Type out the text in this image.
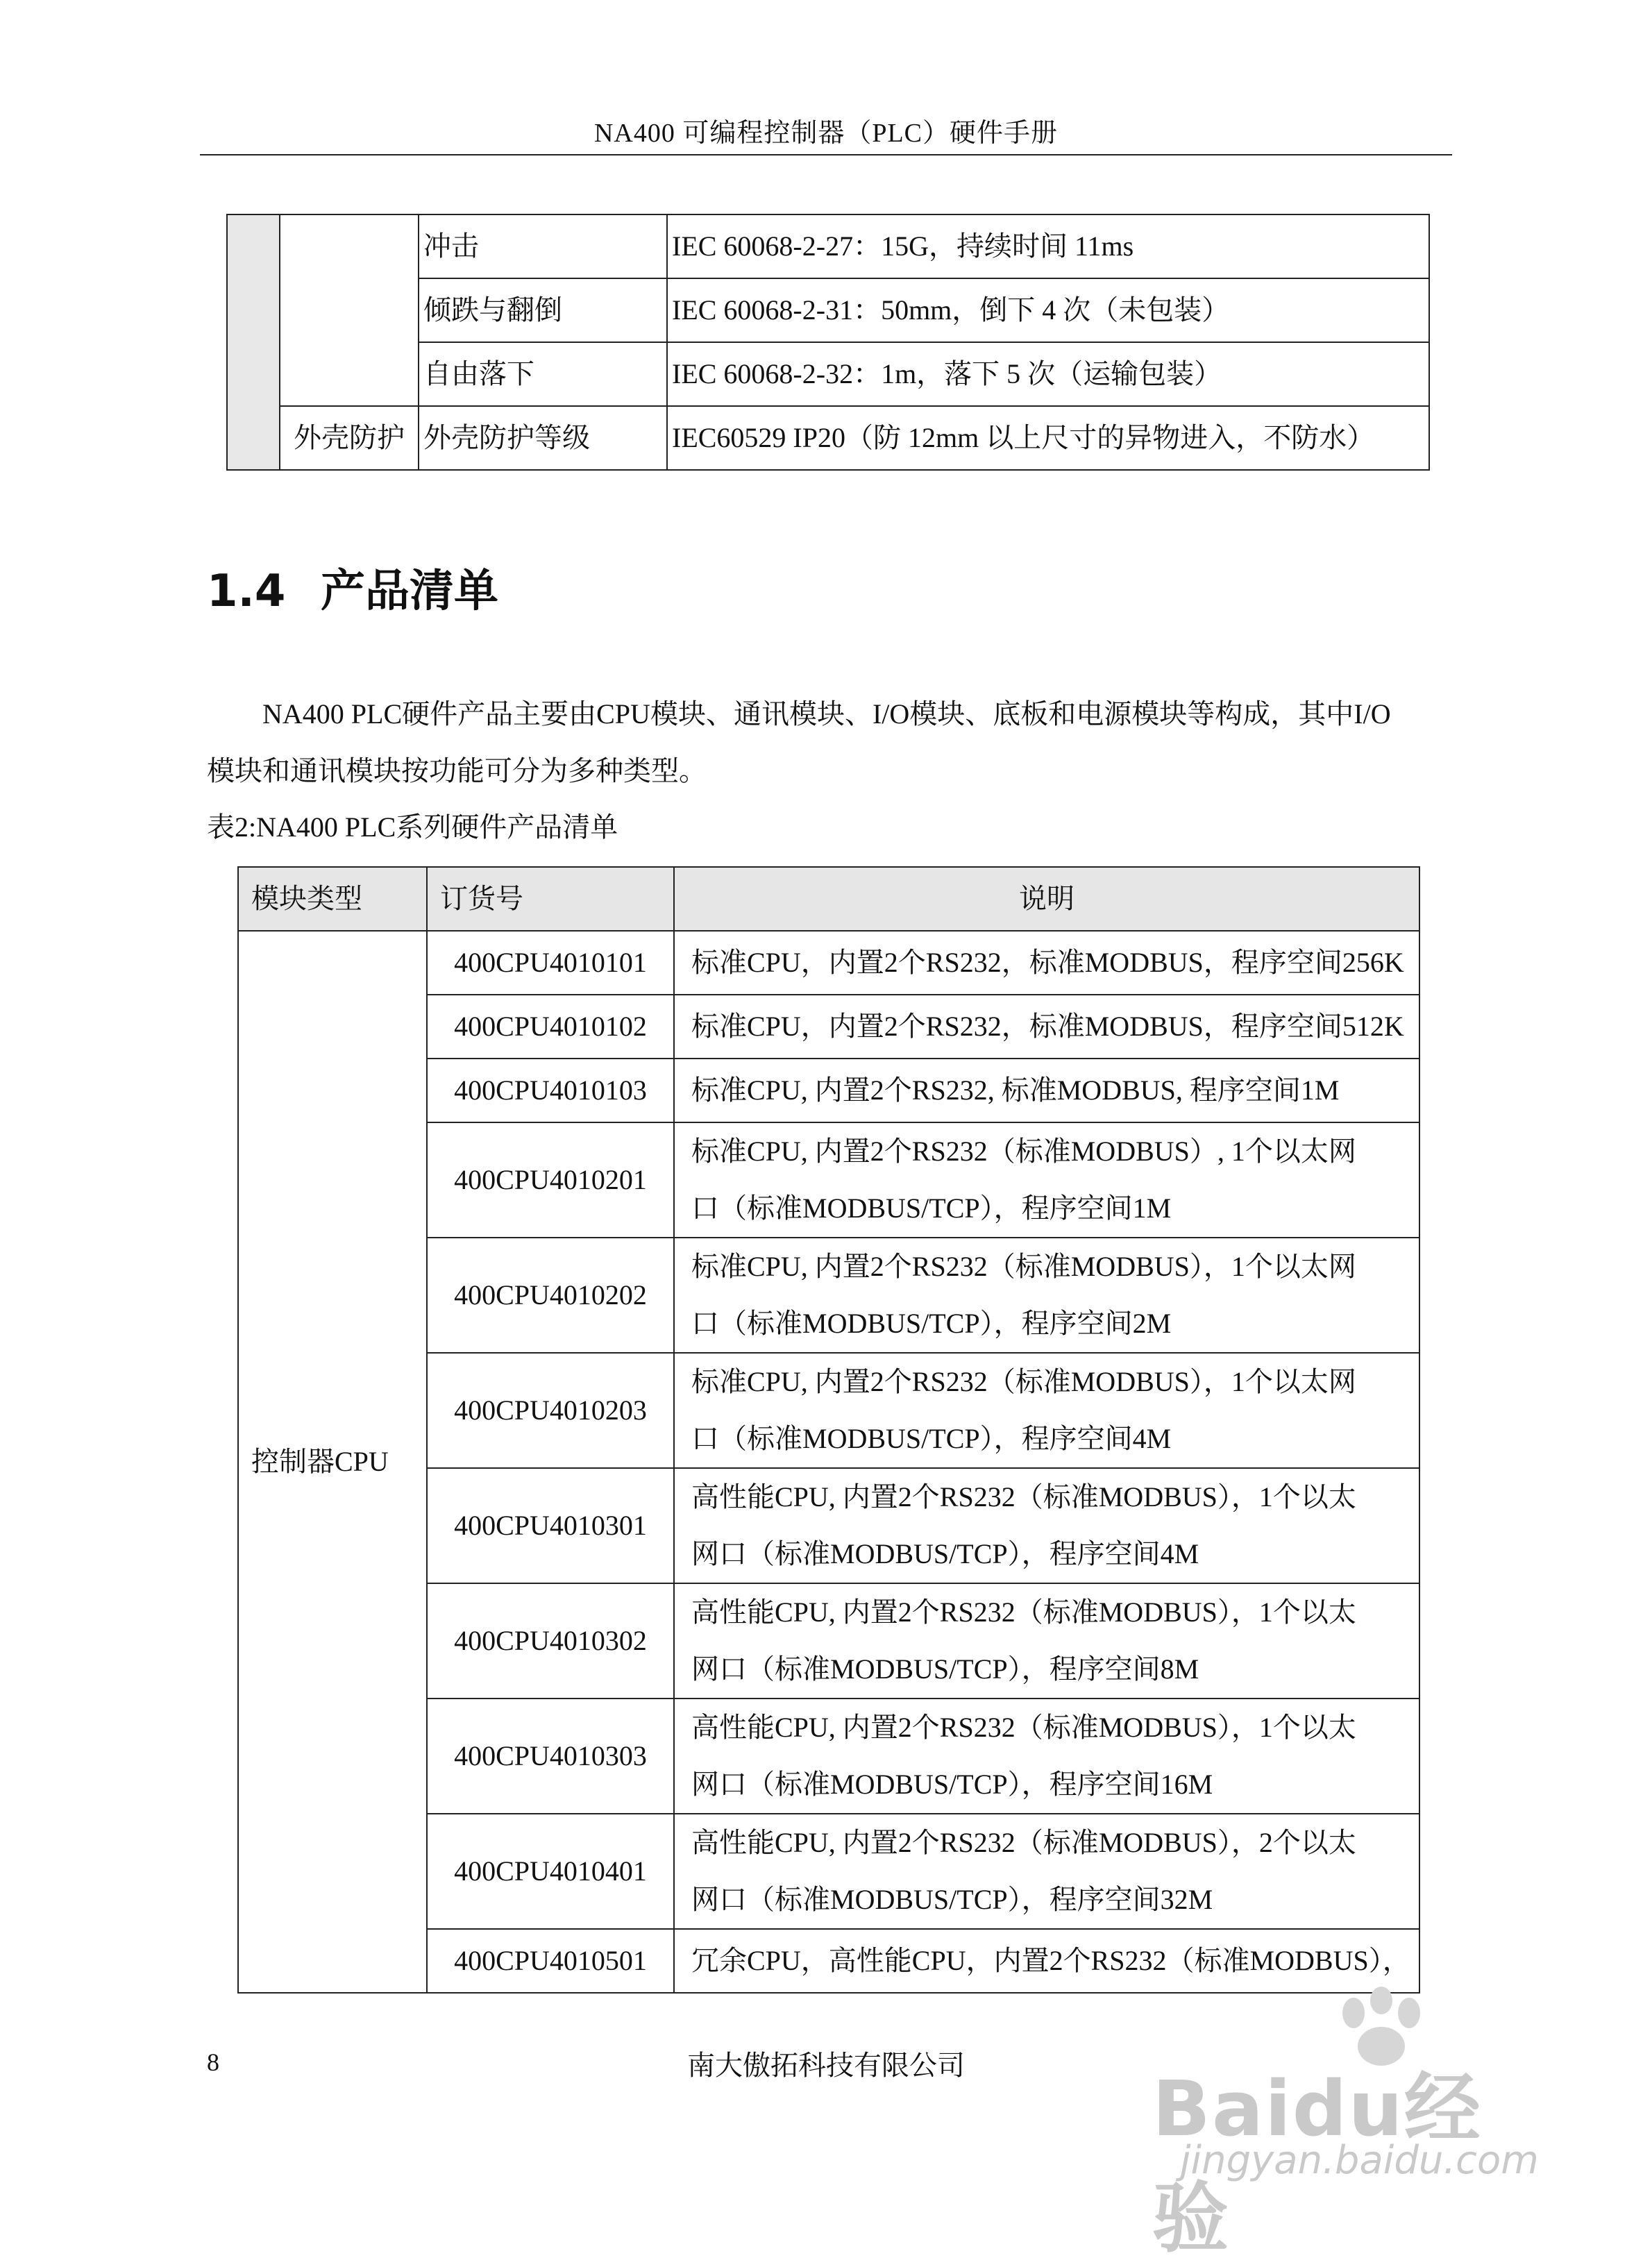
NA400 可编程控制器（PLC）硬件手册
		冲击	IEC 60068-2-27：15G，持续时间 11ms
		倾跌与翻倒	IEC 60068-2-31：50mm，倒下 4 次（未包装）
		自由落下	IEC 60068-2-32：1m，落下 5 次（运输包装）
	外壳防护	外壳防护等级	IEC60529 IP20（防 12mm 以上尺寸的异物进入，不防水）
1.4 产品清单
NA400 PLC硬件产品主要由CPU模块、通讯模块、I/O模块、底板和电源模块等构成，其中I/O
模块和通讯模块按功能可分为多种类型。
表2:NA400 PLC系列硬件产品清单
模块类型	订货号	说明
控制器CPU	400CPU4010101	标准CPU，内置2个RS232，标准MODBUS，程序空间256K
	400CPU4010102	标准CPU，内置2个RS232，标准MODBUS，程序空间512K
	400CPU4010103	标准CPU, 内置2个RS232, 标准MODBUS, 程序空间1M
	400CPU4010201	标准CPU, 内置2个RS232（标准MODBUS）, 1个以太网
口（标准MODBUS/TCP），程序空间1M

	400CPU4010202	标准CPU, 内置2个RS232（标准MODBUS），1个以太网
口（标准MODBUS/TCP），程序空间2M

	400CPU4010203	标准CPU, 内置2个RS232（标准MODBUS），1个以太网
口（标准MODBUS/TCP），程序空间4M

	400CPU4010301	高性能CPU, 内置2个RS232（标准MODBUS），1个以太
网口（标准MODBUS/TCP），程序空间4M

	400CPU4010302	高性能CPU, 内置2个RS232（标准MODBUS），1个以太
网口（标准MODBUS/TCP），程序空间8M

	400CPU4010303	高性能CPU, 内置2个RS232（标准MODBUS），1个以太
网口（标准MODBUS/TCP），程序空间16M

	400CPU4010401	高性能CPU, 内置2个RS232（标准MODBUS），2个以太
网口（标准MODBUS/TCP），程序空间32M

	400CPU4010501	冗余CPU，高性能CPU，内置2个RS232（标准MODBUS），
8	南大傲拓科技有限公司	Baidu经验
jingyan.baidu.com
